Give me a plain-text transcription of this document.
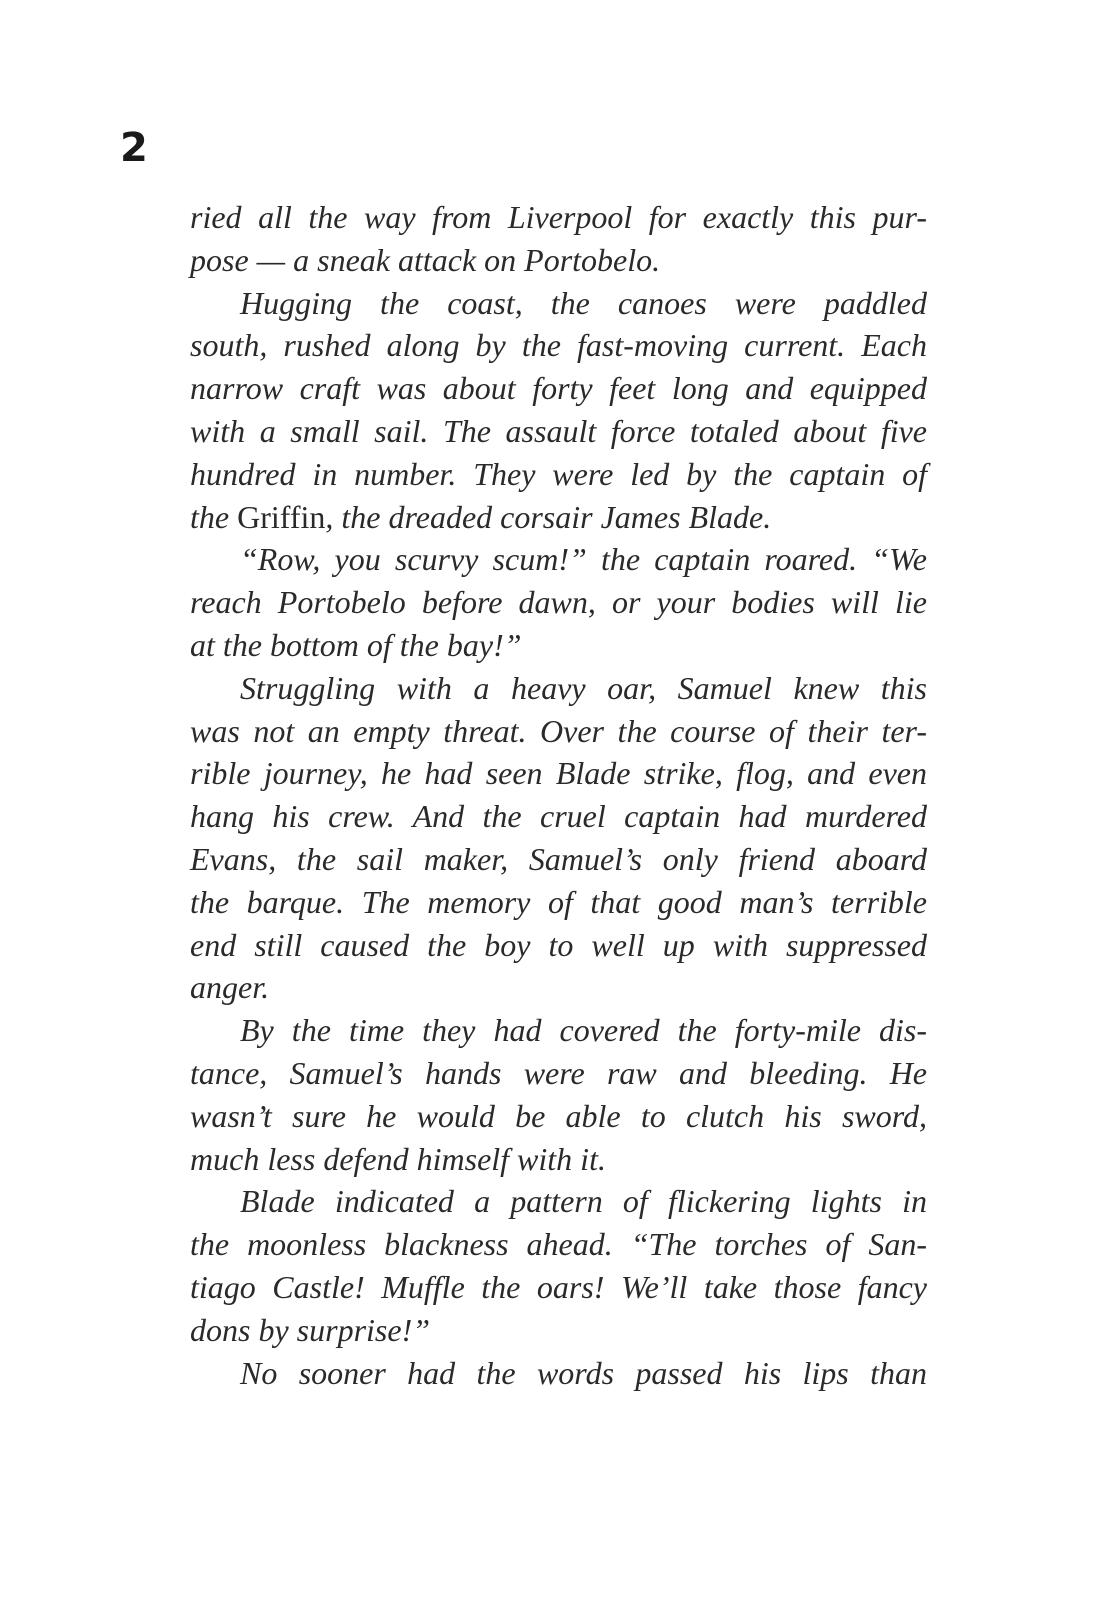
2
ried all the way from Liverpool for exactly this pur-
pose — a sneak attack on Portobelo.
Hugging the coast, the canoes were paddled
south, rushed along by the fast-moving current. Each
narrow craft was about forty feet long and equipped
with a small sail. The assault force totaled about five
hundred in number. They were led by the captain of
the Griffin, the dreaded corsair James Blade.
“Row, you scurvy scum!” the captain roared. “We
reach Portobelo before dawn, or your bodies will lie
at the bottom of the bay!”
Struggling with a heavy oar, Samuel knew this
was not an empty threat. Over the course of their ter-
rible journey, he had seen Blade strike, flog, and even
hang his crew. And the cruel captain had murdered
Evans, the sail maker, Samuel’s only friend aboard
the barque. The memory of that good man’s terrible
end still caused the boy to well up with suppressed
anger.
By the time they had covered the forty-mile dis-
tance, Samuel’s hands were raw and bleeding. He
wasn’t sure he would be able to clutch his sword,
much less defend himself with it.
Blade indicated a pattern of flickering lights in
the moonless blackness ahead. “The torches of San-
tiago Castle! Muffle the oars! We’ll take those fancy
dons by surprise!”
No sooner had the words passed his lips than
